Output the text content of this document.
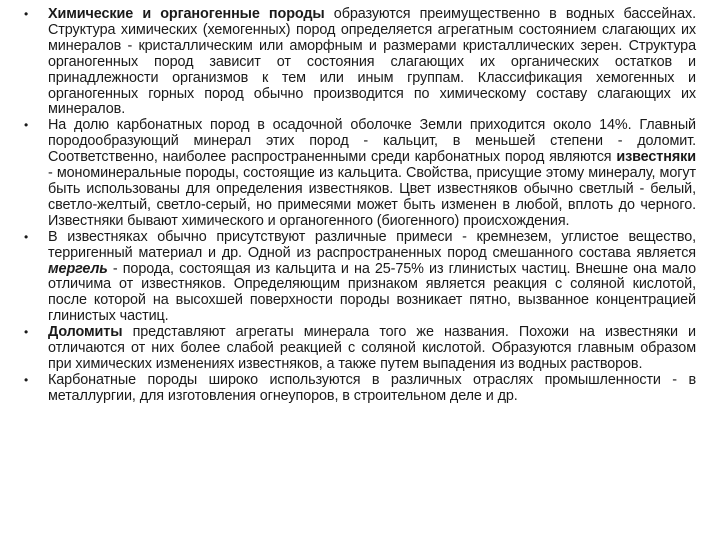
•	Химические и органогенные породы образуются преимущественно в водных бассейнах. Структура химических (хемогенных) пород определяется агрегатным состоянием слагающих их минералов - кристаллическим или аморфным и размерами кристаллических зерен. Структура органогенных пород зависит от состояния слагающих их органических остатков и принадлежности организмов к тем или иным группам. Классификация хемогенных и органогенных горных пород обычно производится по химическому составу слагающих их минералов.
•	На долю карбонатных пород в осадочной оболочке Земли приходится около 14%. Главный породообразующий минерал этих пород - кальцит, в меньшей степени - доломит. Соответственно, наиболее распространенными среди карбонатных пород являются известняки - мономинеральные породы, состоящие из кальцита. Свойства, присущие этому минералу, могут быть использованы для определения известняков. Цвет известняков обычно светлый - белый, светло-желтый, светло-серый, но примесями может быть изменен в любой, вплоть до черного. Известняки бывают химического и органогенного (биогенного) происхождения.
•	В известняках обычно присутствуют различные примеси - кремнезем, углистое вещество, терригенный материал и др. Одной из распространенных пород смешанного состава является мергель - порода, состоящая из кальцита и на 25-75% из глинистых частиц. Внешне она мало отличима от известняков. Определяющим признаком является реакция с соляной кислотой, после которой на высохшей поверхности породы возникает пятно, вызванное концентрацией глинистых частиц.
•	Доломиты представляют агрегаты минерала того же названия. Похожи на известняки и отличаются от них более слабой реакцией с соляной кислотой. Образуются главным образом при химических изменениях известняков, а также путем выпадения из водных растворов.
•	Карбонатные породы широко используются в различных отраслях промышленности - в металлургии, для изготовления огнеупоров, в строительном деле и др.
